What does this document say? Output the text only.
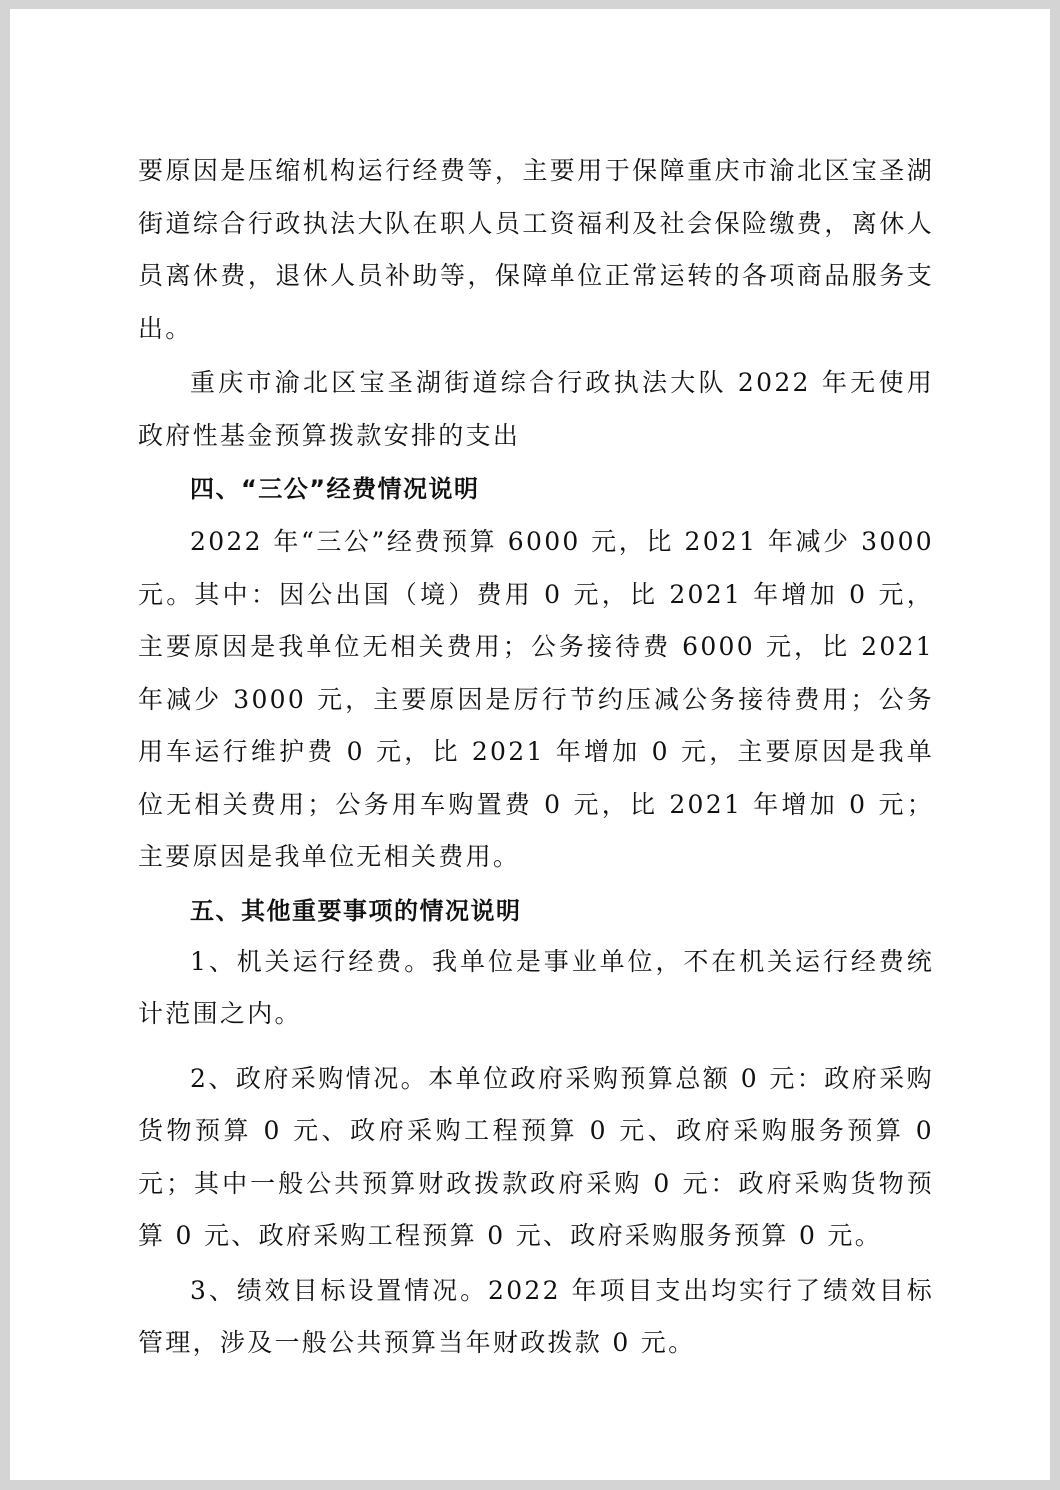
要原因是压缩机构运行经费等，主要用于保障重庆市渝北区宝圣湖街道综合行政执法大队在职人员工资福利及社会保险缴费，离休人员离休费，退休人员补助等，保障单位正常运转的各项商品服务支出。

重庆市渝北区宝圣湖街道综合行政执法大队 2022 年无使用政府性基金预算拨款安排的支出

四、“三公”经费情况说明

2022 年“三公”经费预算 6000 元，比 2021 年减少 3000 元。其中：因公出国（境）费用 0 元，比 2021 年增加 0 元，主要原因是我单位无相关费用；公务接待费 6000 元，比 2021 年减少 3000 元，主要原因是厉行节约压减公务接待费用；公务用车运行维护费 0 元，比 2021 年增加 0 元，主要原因是我单位无相关费用；公务用车购置费 0 元，比 2021 年增加 0 元；主要原因是我单位无相关费用。

五、其他重要事项的情况说明

1、机关运行经费。我单位是事业单位，不在机关运行经费统计范围之内。

2、政府采购情况。本单位政府采购预算总额 0 元：政府采购货物预算 0 元、政府采购工程预算 0 元、政府采购服务预算 0 元；其中一般公共预算财政拨款政府采购 0 元：政府采购货物预算 0 元、政府采购工程预算 0 元、政府采购服务预算 0 元。

3、绩效目标设置情况。2022 年项目支出均实行了绩效目标管理，涉及一般公共预算当年财政拨款 0 元。
